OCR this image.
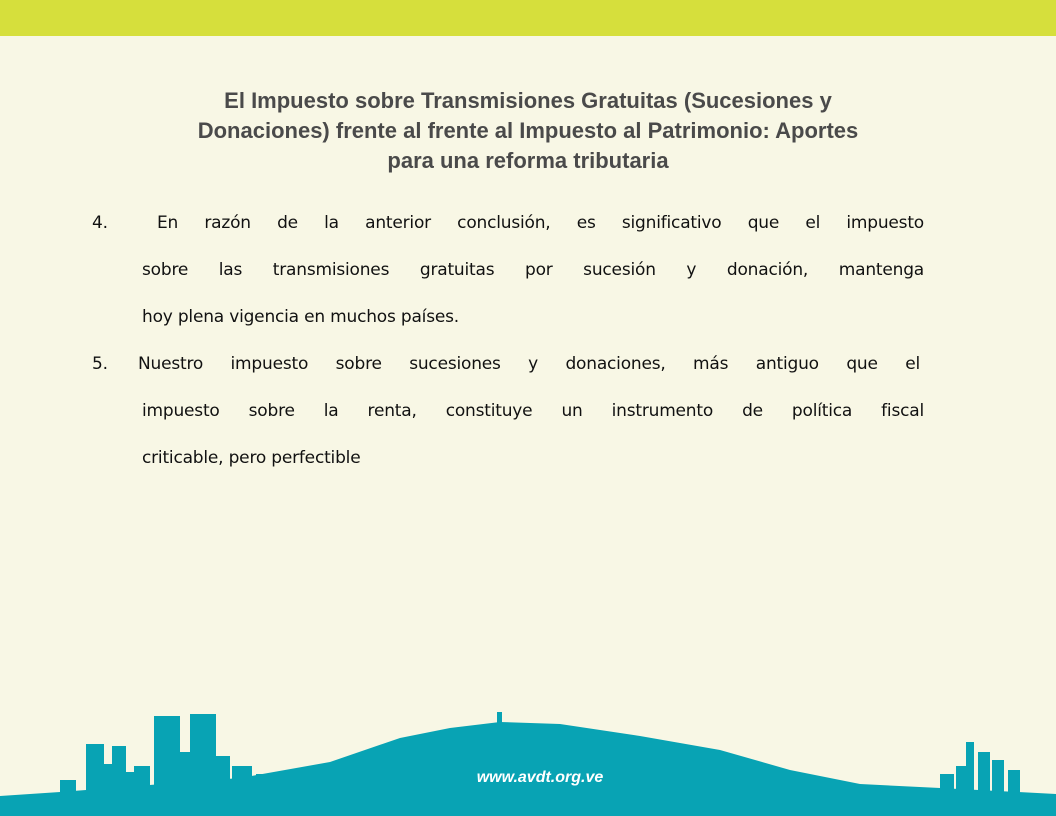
El Impuesto sobre Transmisiones Gratuitas (Sucesiones y
Donaciones) frente al frente al Impuesto al Patrimonio: Aportes
para una reforma tributaria
4.	En razón de la anterior conclusión, es significativo que el impuesto
sobre las transmisiones gratuitas por sucesión y donación, mantenga
hoy plena vigencia en muchos países.
5. Nuestro impuesto sobre sucesiones y donaciones, más antiguo que el
impuesto sobre la renta, constituye un instrumento de política fiscal
criticable, pero perfectible
www.avdt.org.ve
